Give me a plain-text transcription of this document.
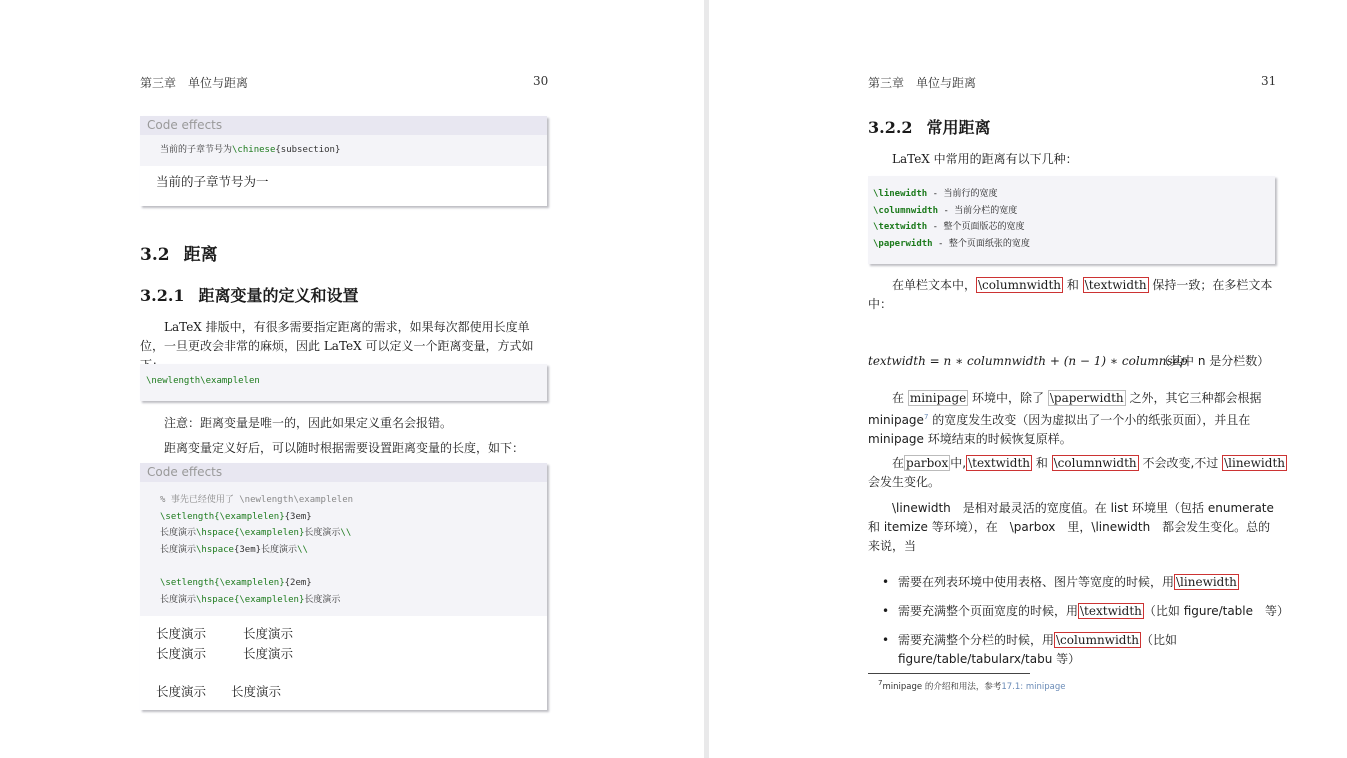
第三章　单位与距离	30
Code effects
当前的子章节号为\chinese{subsection}
当前的子章节号为一
3.2 距离
3.2.1 距离变量的定义和设置
LaTeX 排版中，有很多需要指定距离的需求，如果每次都使用长度单位，一旦更改会非常的麻烦，因此 LaTeX 可以定义一个距离变量，方式如
\newlength\examplelen
注意：距离变量是唯一的，因此如果定义重名会报错。
距离变量定义好后，可以随时根据需要设置距离变量的长度，如下：
Code effects
% 事先已经使用了 \newlength\examplelen
\setlength{\examplelen}{3em}
长度演示\hspace{\examplelen}长度演示\\
长度演示\hspace{3em}长度演示\\

\setlength{\examplelen}{2em}
长度演示\hspace{\examplelen}长度演示
长度演示	长度演示
长度演示	长度演示
长度演示 长度演示
第三章　单位与距离	31
3.2.2 常用距离
LaTeX 中常用的距离有以下几种：
\linewidth - 当前行的宽度
\columnwidth - 当前分栏的宽度
\textwidth - 整个页面版芯的宽度
\paperwidth - 整个页面纸张的宽度
在单栏文本中， \columnwidth 和 \textwidth 保持一致；在多栏文本中：
textwidth = n ∗ columnwidth + (n − 1) ∗ columnsep
（其中 n 是分栏数）
在 minipage 环境中，除了 \paperwidth 之外，其它三种都会根据 minipage$^7$ 的宽度发生改变（因为虚拟出了一个小的纸张页面），并且在 minipage 环境结束的时候恢复原样。
在 parbox 中, \textwidth 和 \columnwidth 不会改变,不过 \linewidth 会发生变化。
\linewidth　是相对最灵活的宽度值。在 list 环境里（包括 enumerate 和 itemize 等环境），在　\parbox　里，\linewidth　都会发生变化。总的来说，当
• 需要在列表环境中使用表格、图片等宽度的时候，用 \linewidth
• 需要充满整个页面宽度的时候，用 \textwidth （比如 figure/table　等）
• 需要充满整个分栏的时候，用 \columnwidth （比如 figure/table/tabularx/tabu 等）
$^7$minipage 的介绍和用法，参考17.1: minipage
